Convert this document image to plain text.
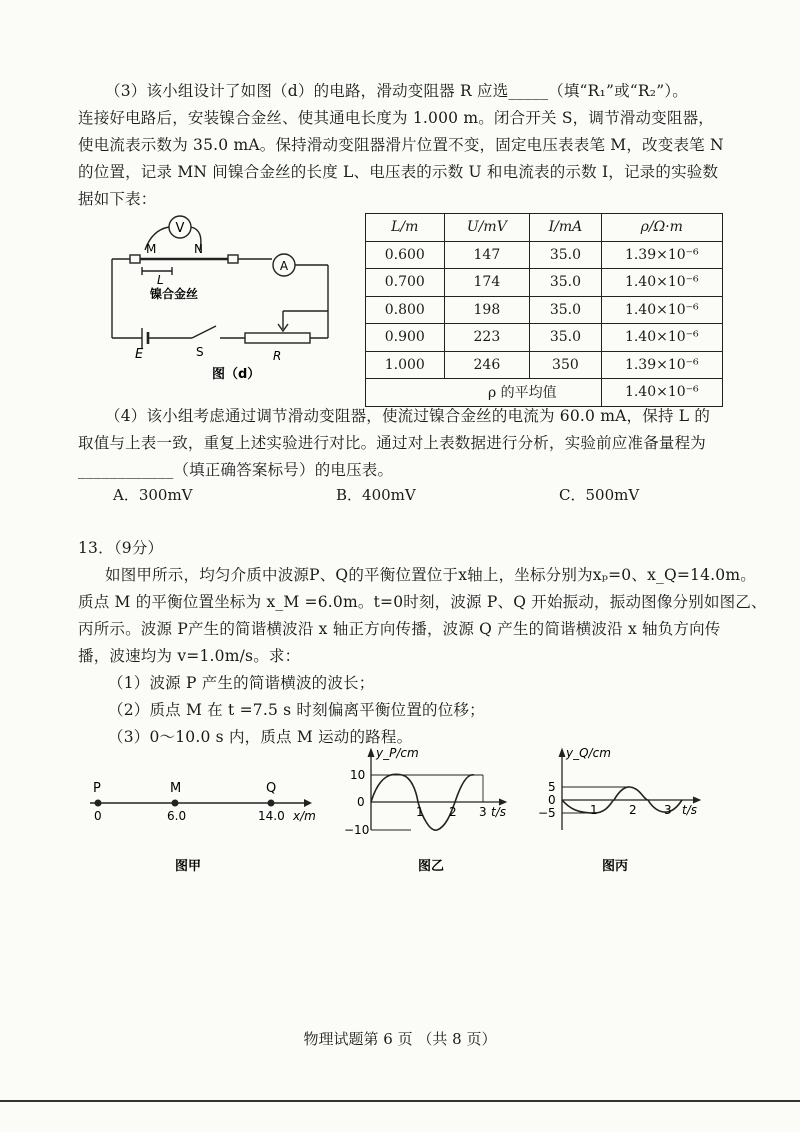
（3）该小组设计了如图（d）的电路，滑动变阻器 R 应选_____（填“R₁”或“R₂”）。
连接好电路后，安装镍合金丝、使其通电长度为 1.000 m。闭合开关 S，调节滑动变阻器，
使电流表示数为 35.0 mA。保持滑动变阻器滑片位置不变，固定电压表表笔 M，改变表笔 N
的位置，记录 MN 间镍合金丝的长度 L、电压表的示数 U 和电流表的示数 I，记录的实验数
据如下表：
V
A
M	N
L
镍合金丝
E	S	R
图（d）
L/m	U/mV	I/mA	ρ/Ω·m
0.600	147	35.0	1.39×10⁻⁶
0.700	174	35.0	1.40×10⁻⁶
0.800	198	35.0	1.40×10⁻⁶
0.900	223	35.0	1.40×10⁻⁶
1.000	246	350	1.39×10⁻⁶
	ρ 的平均值		1.40×10⁻⁶
（4）该小组考虑通过调节滑动变阻器，使流过镍合金丝的电流为 60.0 mA，保持 L 的
取值与上表一致，重复上述实验进行对比。通过对上表数据进行分析，实验前应准备量程为
____________（填正确答案标号）的电压表。
A．300mV	B．400mV	C．500mV
13．（9分）
如图甲所示，均匀介质中波源P、Q的平衡位置位于x轴上，坐标分别为xₚ=0、x_Q=14.0m。
质点 M 的平衡位置坐标为 x_M =6.0m。t=0时刻，波源 P、Q 开始振动，振动图像分别如图乙、
丙所示。波源 P产生的简谐横波沿 x 轴正方向传播，波源 Q 产生的简谐横波沿 x 轴负方向传
播，波速均为 v=1.0m/s。求：
（1）波源 P 产生的简谐横波的波长；
（2）质点 M 在 t =7.5 s 时刻偏离平衡位置的位移；
（3）0～10.0 s 内，质点 M 运动的路程。
P	M	Q
0	6.0	14.0 x/m
图甲
y_P/cm
10
0
−10
1 2 3 t/s
图乙
y_Q/cm
5
0
−5	1	2 3 t/s
图丙
物理试题第 6 页 （共 8 页）
